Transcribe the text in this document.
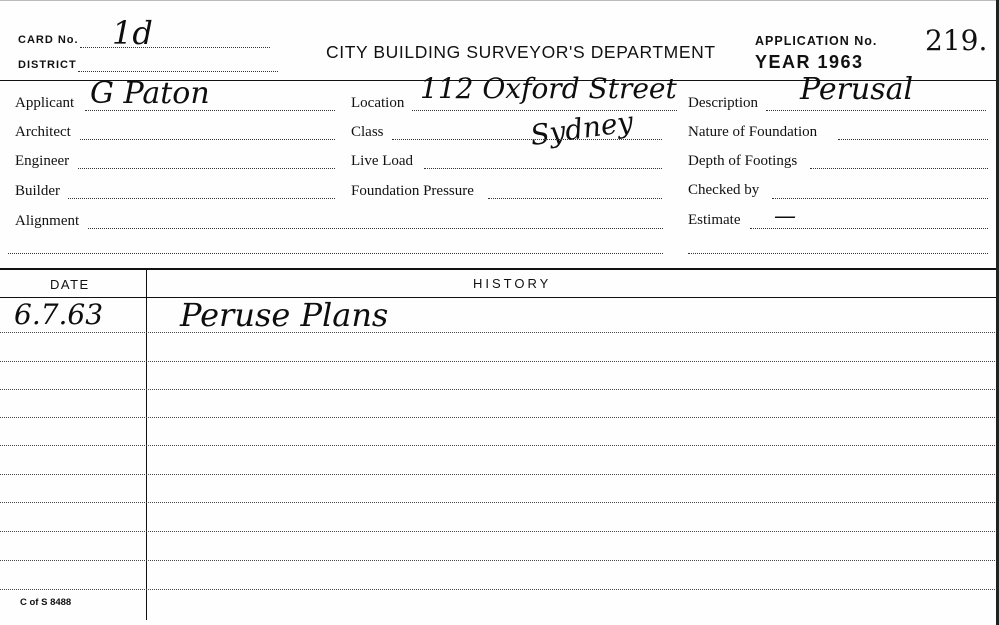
CARD No. 1d
DISTRICT
CITY BUILDING SURVEYOR'S DEPARTMENT
APPLICATION No. 219.
YEAR 1963
Applicant G Paton
Architect
Engineer
Builder
Alignment
Location 112 Oxford Street
Sydney
Class
Live Load
Foundation Pressure
Description Perusal
Nature of Foundation
Depth of Footings
Checked by
Estimate —
DATE	HISTORY
6.7.63 Peruse Plans
C of S 8488
